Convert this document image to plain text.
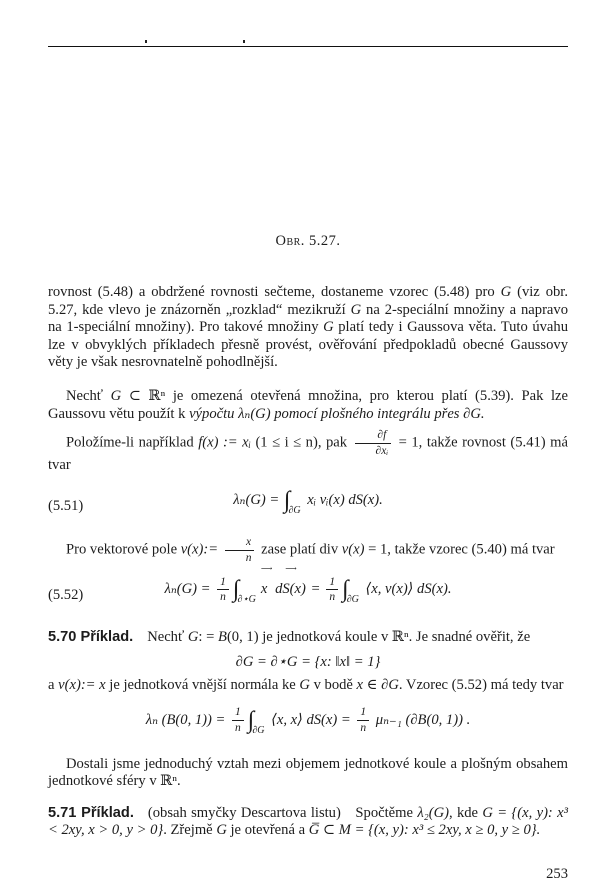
Obr. 5.27.

rovnost (5.48) a obdržené rovnosti sečteme, dostaneme vzorec (5.48) pro G (viz obr. 5.27, kde vlevo je znázorněn „rozklad“ mezikruží G na 2-speciální množiny a napravo na 1-speciální množiny). Pro takové množiny G platí tedy i Gaussova věta. Tuto úvahu lze v obvyklých příkladech přesně provést, ověřování předpokladů obecné Gaussovy věty je však nesrovnatelně pohodlnější.

Nechť G ⊂ ℝⁿ je omezená otevřená množina, pro kterou platí (5.39). Pak lze Gaussovu větu použít k výpočtu λₙ(G) pomocí plošného integrálu přes ∂G.

Položíme-li například f(x) := xᵢ (1 ≤ i ≤ n), pak $\frac{\partial f}{\text{∂xᵢ}} = 1$, takže rovnost (5.41) má tvar

(5.51)	$\lambda_n(G) = \int_{\partial G}$ xᵢ νᵢ(x) dS(x).

Pro vektorové pole v(x):= $\frac{x}{n}$ zase platí div v(x) = 1, takže vzorec (5.40) má tvar

(5.52)	$\lambda_n(G) = \frac{1}{n} \int_{\partial⋆G}$
⟶
x
⟶
$dS(x) = \frac{1}{n} \int_{\partial G}$ ⟨x, ν(x)⟩ dS(x).

5.70 Příklad. Nechť G: = B(0, 1) je jednotková koule v ℝⁿ. Je snadné ověřit, že

∂G = ∂⋆G = {x: ‖x‖ = 1}

a ν(x):= x je jednotková vnější normála ke G v bodě x ∈ ∂G. Vzorec (5.52) má tedy tvar

λₙ (B(0, $1)) = \frac{1}{n} \int_{\partial G}$ ⟨x, x⟩ $dS(x) = \frac{1}{n} \mu_{n-1}$ (∂B(0, 1)) .

Dostali jsme jednoduchý vztah mezi objemem jednotkové koule a plošným obsahem jednotkové sféry v ℝⁿ.

5.71 Příklad. (obsah smyčky Descartova listu)  Spočtěme λ₂(G), kde G = {(x, y): x³ < 2xy, x > 0, y > 0}. Zřejmě G je otevřená a G̅ ⊂ M = {(x, y): x³ ≤ 2xy, x ≥ 0, y ≥ 0}.

253
